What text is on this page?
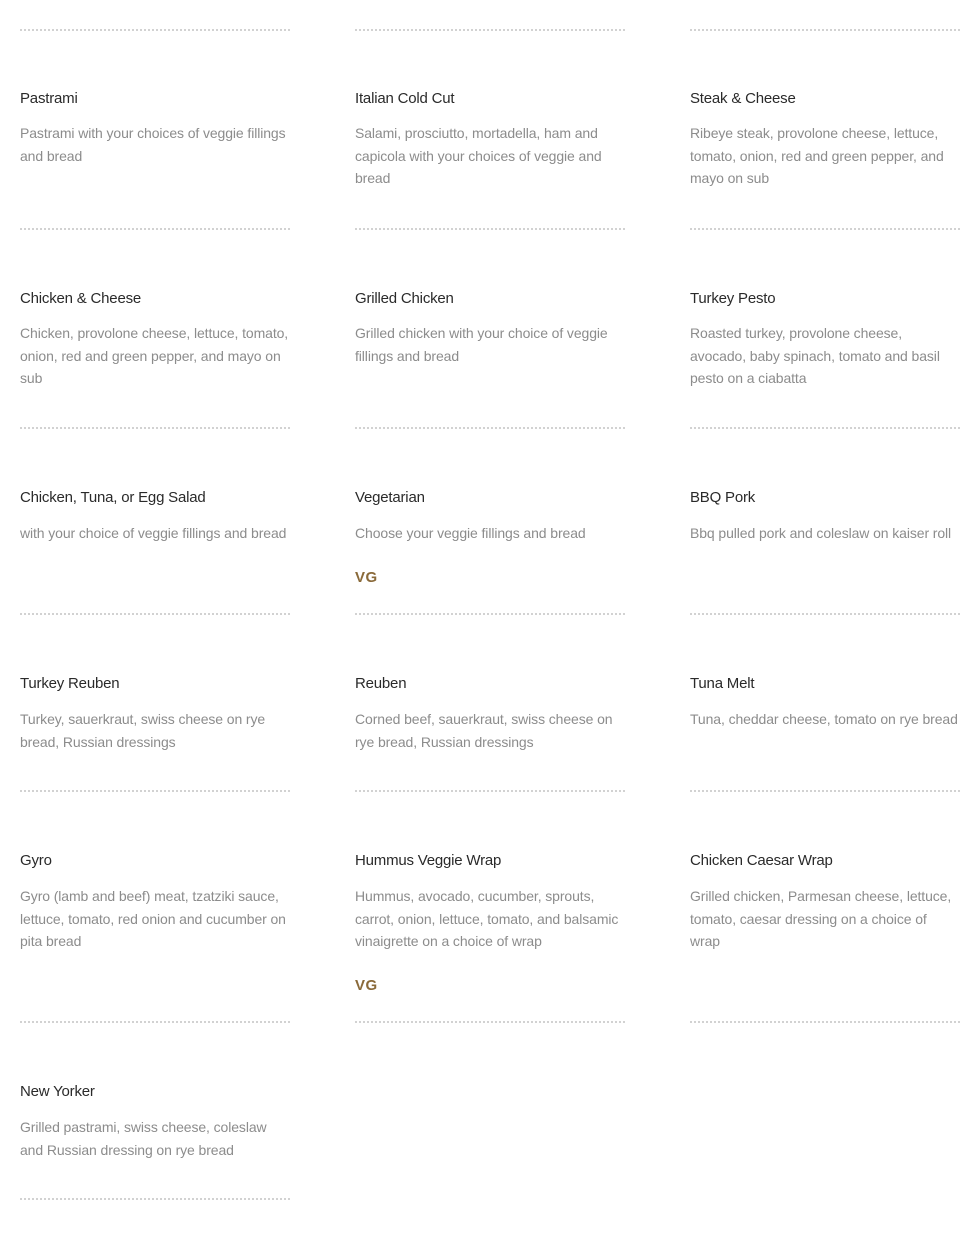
Pastrami

Pastrami with your choices of veggie fillings and bread

Italian Cold Cut

Salami, prosciutto, mortadella, ham and capicola with your choices of veggie and bread

Steak & Cheese

Ribeye steak, provolone cheese, lettuce, tomato, onion, red and green pepper, and mayo on sub

Chicken & Cheese

Chicken, provolone cheese, lettuce, tomato, onion, red and green pepper, and mayo on sub

Grilled Chicken

Grilled chicken with your choice of veggie fillings and bread

Turkey Pesto

Roasted turkey, provolone cheese, avocado, baby spinach, tomato and basil pesto on a ciabatta

Chicken, Tuna, or Egg Salad

with your choice of veggie fillings and bread

Vegetarian

Choose your veggie fillings and bread

VG
BBQ Pork

Bbq pulled pork and coleslaw on kaiser roll

Turkey Reuben

Turkey, sauerkraut, swiss cheese on rye bread, Russian dressings

Reuben

Corned beef, sauerkraut, swiss cheese on rye bread, Russian dressings

Tuna Melt

Tuna, cheddar cheese, tomato on rye bread

Gyro

Gyro (lamb and beef) meat, tzatziki sauce, lettuce, tomato, red onion and cucumber on pita bread

Hummus Veggie Wrap

Hummus, avocado, cucumber, sprouts, carrot, onion, lettuce, tomato, and balsamic vinaigrette on a choice of wrap

VG
Chicken Caesar Wrap

Grilled chicken, Parmesan cheese, lettuce, tomato, caesar dressing on a choice of wrap

New Yorker

Grilled pastrami, swiss cheese, coleslaw and Russian dressing on rye bread
